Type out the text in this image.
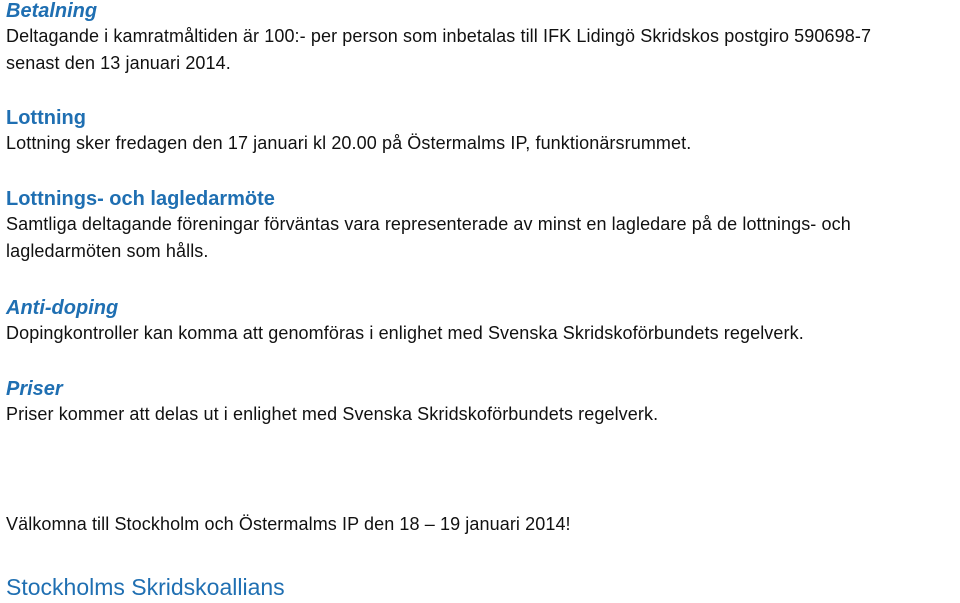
Betalning
Deltagande i kamratmåltiden är 100:- per person som inbetalas till IFK Lidingö Skridskos postgiro 590698-7
senast den 13 januari 2014.
Lottning
Lottning sker fredagen den 17 januari kl 20.00 på Östermalms IP, funktionärsrummet.
Lottnings- och lagledarmöte
Samtliga deltagande föreningar förväntas vara representerade av minst en lagledare på de lottnings- och
lagledarmöten som hålls.
Anti-doping
Dopingkontroller kan komma att genomföras i enlighet med Svenska Skridskoförbundets regelverk.
Priser
Priser kommer att delas ut i enlighet med Svenska Skridskoförbundets regelverk.
Välkomna till Stockholm och Östermalms IP den 18 – 19 januari 2014!
Stockholms Skridskoallians
